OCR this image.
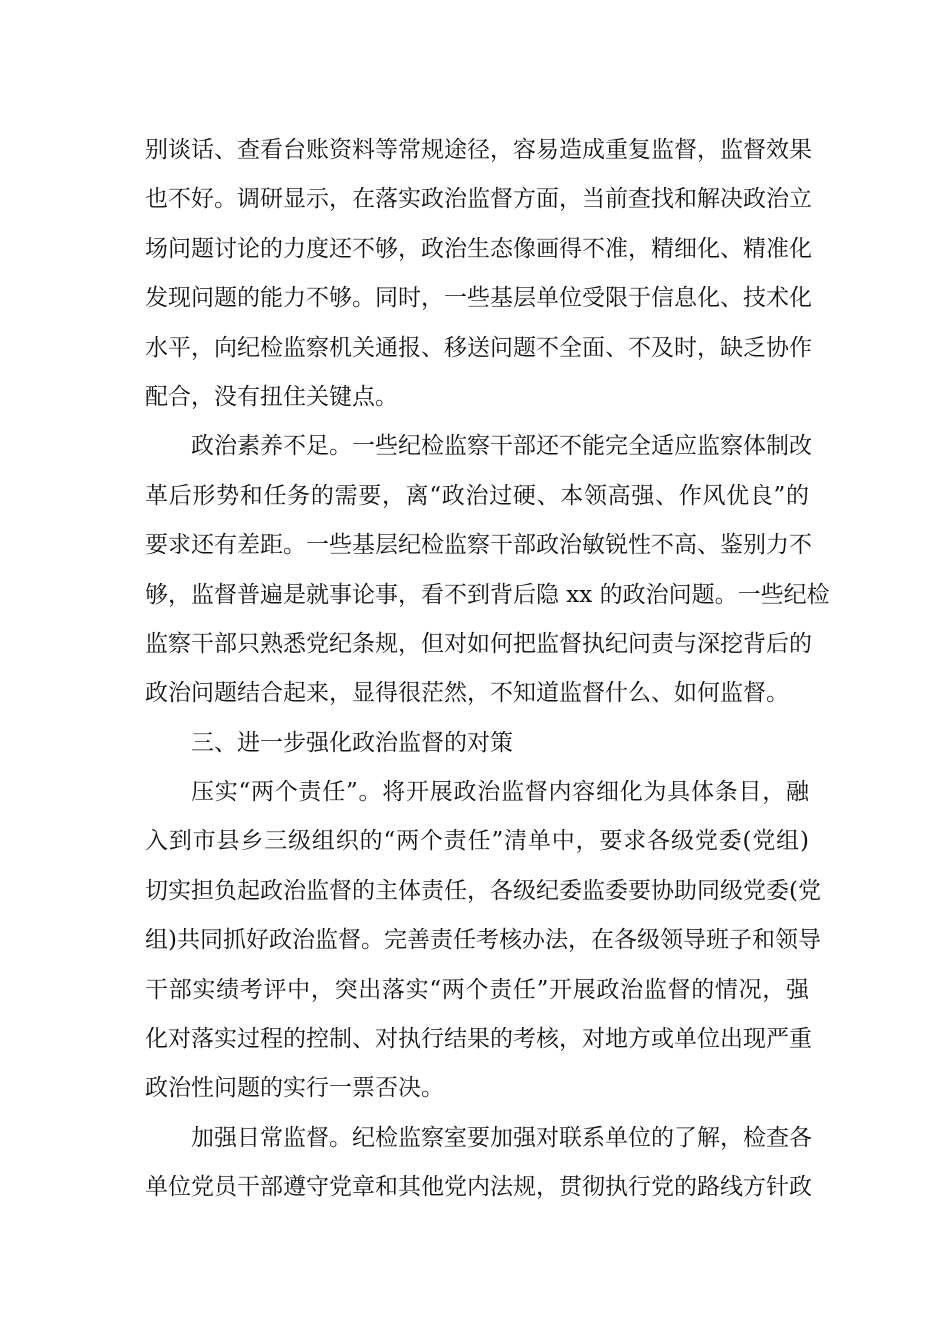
别谈话、查看台账资料等常规途径，容易造成重复监督，监督效果
也不好。调研显示，在落实政治监督方面，当前查找和解决政治立
场问题讨论的力度还不够，政治生态像画得不准，精细化、精准化
发现问题的能力不够。同时，一些基层单位受限于信息化、技术化
水平，向纪检监察机关通报、移送问题不全面、不及时，缺乏协作
配合，没有扭住关键点。
政治素养不足。一些纪检监察干部还不能完全适应监察体制改
革后形势和任务的需要，离“政治过硬、本领高强、作风优良”的
要求还有差距。一些基层纪检监察干部政治敏锐性不高、鉴别力不
够，监督普遍是就事论事，看不到背后隐 xx 的政治问题。一些纪检
监察干部只熟悉党纪条规，但对如何把监督执纪问责与深挖背后的
政治问题结合起来，显得很茫然，不知道监督什么、如何监督。
三、进一步强化政治监督的对策
压实“两个责任”。将开展政治监督内容细化为具体条目，融
入到市县乡三级组织的“两个责任”清单中，要求各级党委(党组)
切实担负起政治监督的主体责任，各级纪委监委要协助同级党委(党
组)共同抓好政治监督。完善责任考核办法，在各级领导班子和领导
干部实绩考评中，突出落实“两个责任”开展政治监督的情况，强
化对落实过程的控制、对执行结果的考核，对地方或单位出现严重
政治性问题的实行一票否决。
加强日常监督。纪检监察室要加强对联系单位的了解，检查各
单位党员干部遵守党章和其他党内法规，贯彻执行党的路线方针政
